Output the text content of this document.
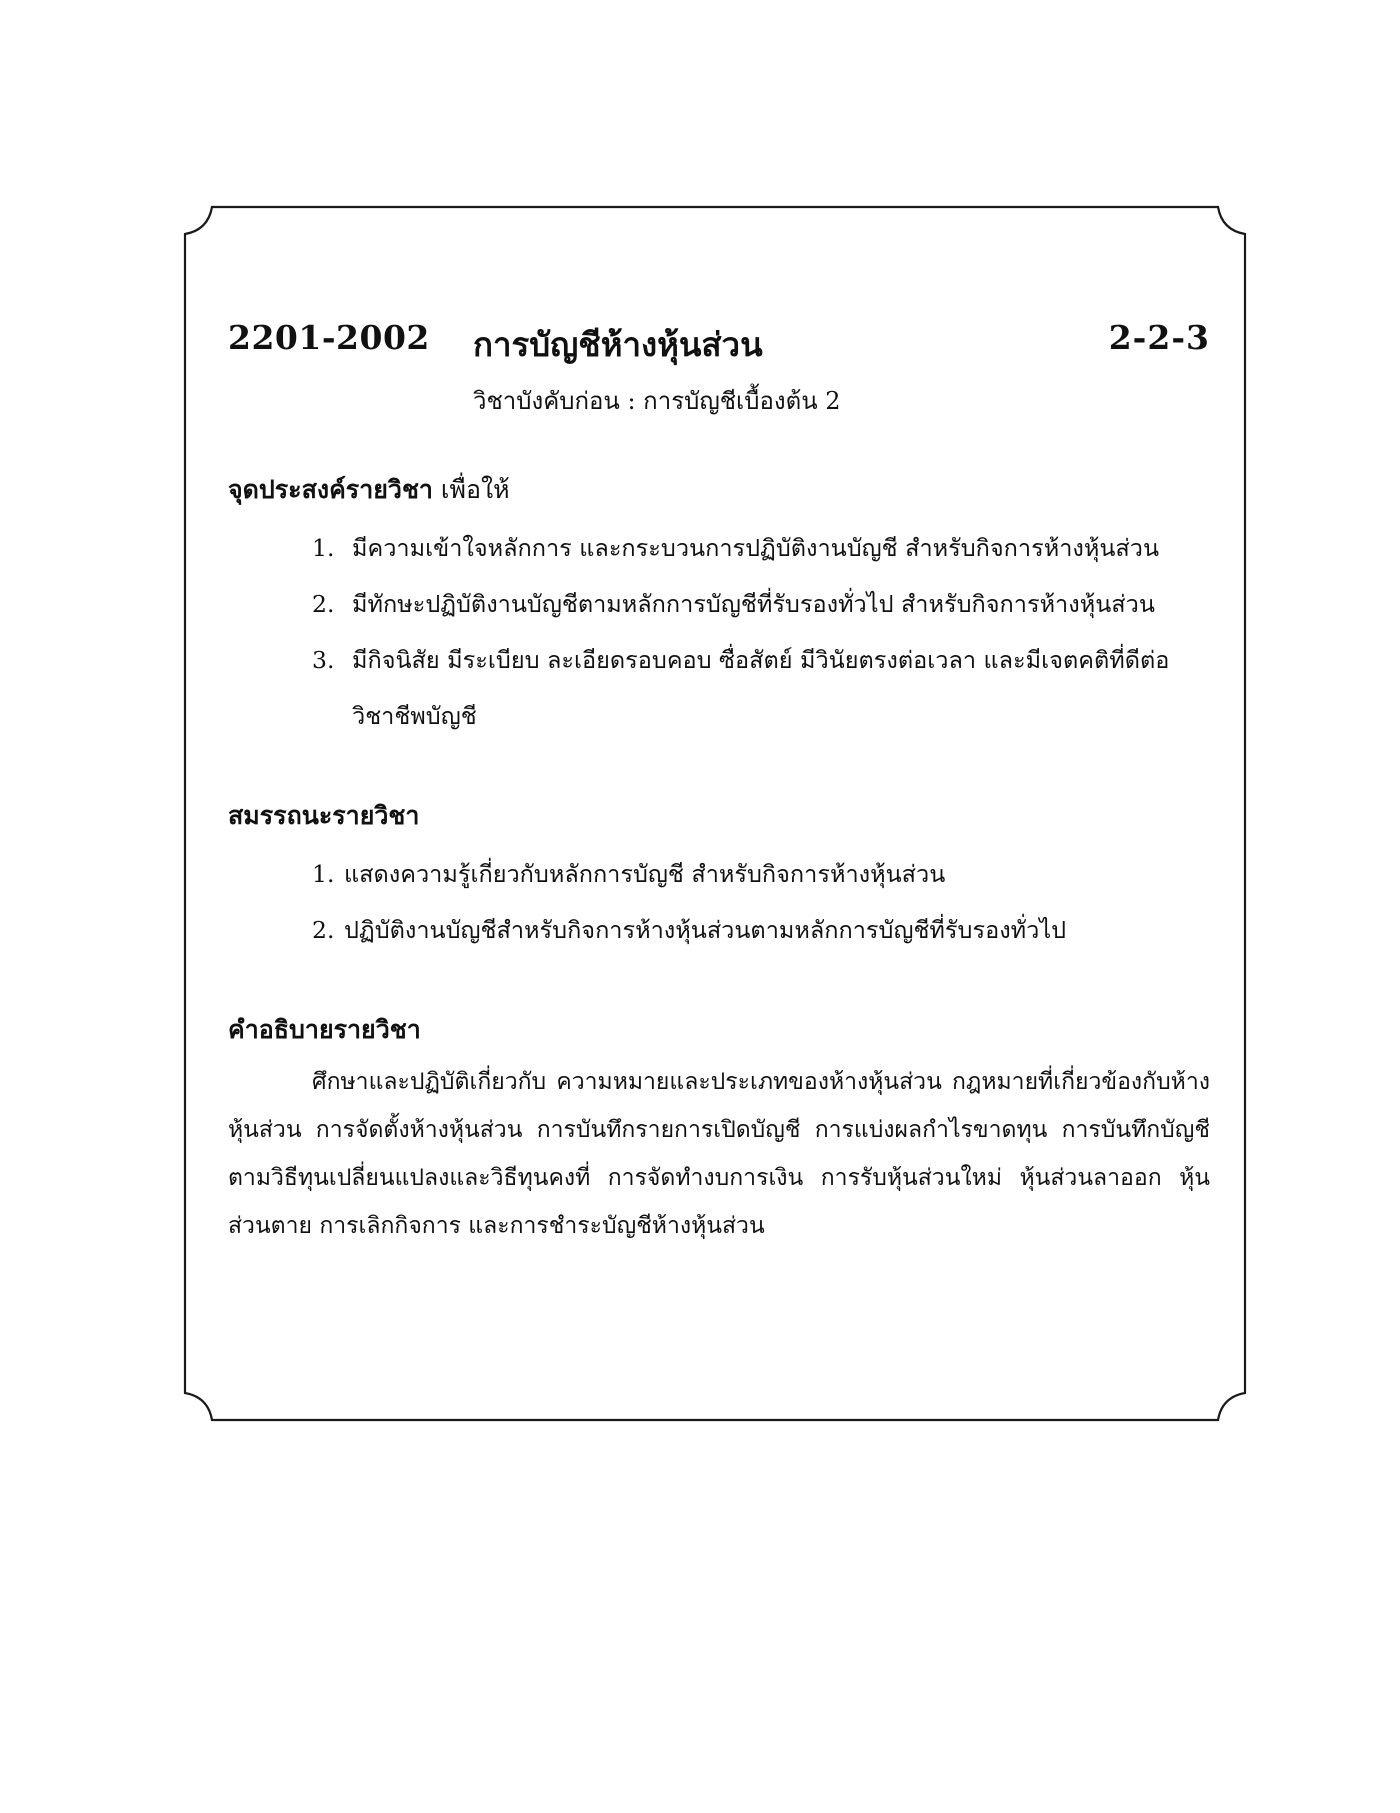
2201-2002 การบัญชีห้างหุ้นส่วน	2-2-3
วิชาบังคับก่อน : การบัญชีเบื้องต้น 2
จุดประสงค์รายวิชา เพื่อให้
1. มีความเข้าใจหลักการ และกระบวนการปฏิบัติงานบัญชี สำหรับกิจการห้างหุ้นส่วน
2. มีทักษะปฏิบัติงานบัญชีตามหลักการบัญชีที่รับรองทั่วไป สำหรับกิจการห้างหุ้นส่วน
3. มีกิจนิสัย มีระเบียบ ละเอียดรอบคอบ ซื่อสัตย์ มีวินัยตรงต่อเวลา และมีเจตคติที่ดีต่อวิชาชีพบัญชี
สมรรถนะรายวิชา
1. แสดงความรู้เกี่ยวกับหลักการบัญชี สำหรับกิจการห้างหุ้นส่วน
2. ปฏิบัติงานบัญชีสำหรับกิจการห้างหุ้นส่วนตามหลักการบัญชีที่รับรองทั่วไป
คำอธิบายรายวิชา

ศึกษาและปฏิบัติเกี่ยวกับ ความหมายและประเภทของห้างหุ้นส่วน กฎหมายที่เกี่ยวข้องกับห้างหุ้นส่วน การจัดตั้งห้างหุ้นส่วน การบันทึกรายการเปิดบัญชี การแบ่งผลกำไรขาดทุน การบันทึกบัญชีตามวิธีทุนเปลี่ยนแปลงและวิธีทุนคงที่ การจัดทำงบการเงิน การรับหุ้นส่วนใหม่ หุ้นส่วนลาออก หุ้นส่วนตาย การเลิกกิจการ และการชำระบัญชีห้างหุ้นส่วน
